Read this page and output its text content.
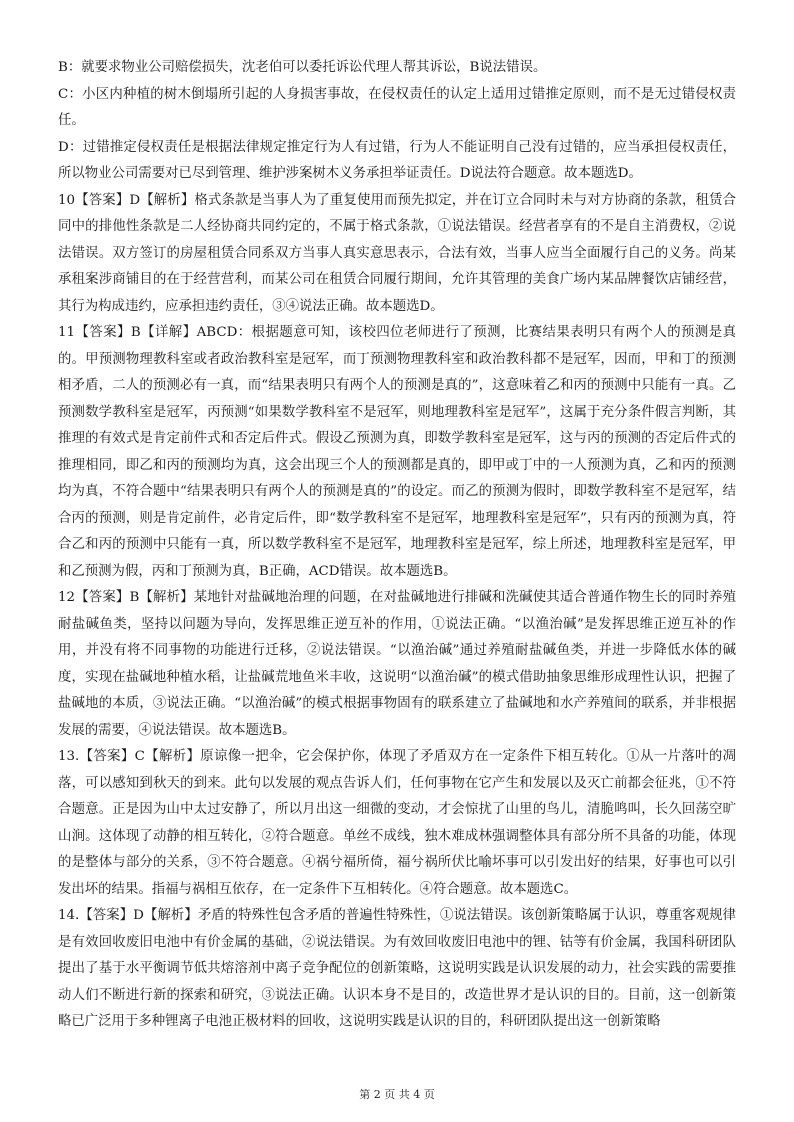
B：就要求物业公司赔偿损失，沈老伯可以委托诉讼代理人帮其诉讼，B说法错误。

C：小区内种植的树木倒塌所引起的人身损害事故，在侵权责任的认定上适用过错推定原则，而不是无过错侵权责任。

D：过错推定侵权责任是根据法律规定推定行为人有过错，行为人不能证明自己没有过错的，应当承担侵权责任，所以物业公司需要对已尽到管理、维护涉案树木义务承担举证责任。D说法符合题意。故本题选D。

10【答案】D【解析】格式条款是当事人为了重复使用而预先拟定，并在订立合同时未与对方协商的条款，租赁合同中的排他性条款是二人经协商共同约定的，不属于格式条款，①说法错误。经营者享有的不是自主消费权，②说法错误。双方签订的房屋租赁合同系双方当事人真实意思表示，合法有效，当事人应当全面履行自己的义务。尚某承租案涉商铺目的在于经营营利，而某公司在租赁合同履行期间，允许其管理的美食广场内某品牌餐饮店铺经营，其行为构成违约，应承担违约责任，③④说法正确。故本题选D。

11【答案】B【详解】ABCD：根据题意可知，该校四位老师进行了预测，比赛结果表明只有两个人的预测是真的。甲预测物理教科室或者政治教科室是冠军，而丁预测物理教科室和政治教科都不是冠军，因而，甲和丁的预测相矛盾，二人的预测必有一真，而“结果表明只有两个人的预测是真的”，这意味着乙和丙的预测中只能有一真。乙预测数学教科室是冠军，丙预测“如果数学教科室不是冠军，则地理教科室是冠军”，这属于充分条件假言判断，其推理的有效式是肯定前件式和否定后件式。假设乙预测为真，即数学教科室是冠军，这与丙的预测的否定后件式的推理相同，即乙和丙的预测均为真，这会出现三个人的预测都是真的，即甲或丁中的一人预测为真，乙和丙的预测均为真，不符合题中“结果表明只有两个人的预测是真的”的设定。而乙的预测为假时，即数学教科室不是冠军，结合丙的预测，则是肯定前件，必肯定后件，即“数学教科室不是冠军，地理教科室是冠军”，只有丙的预测为真，符合乙和丙的预测中只能有一真，所以数学教科室不是冠军，地理教科室是冠军，综上所述，地理教科室是冠军，甲和乙预测为假，丙和丁预测为真，B正确，ACD错误。故本题选B。

12【答案】B【解析】某地针对盐碱地治理的问题，在对盐碱地进行排碱和洗碱使其适合普通作物生长的同时养殖耐盐碱鱼类，坚持以问题为导向，发挥思维正逆互补的作用，①说法正确。“以渔治碱”是发挥思维正逆互补的作用，并没有将不同事物的功能进行迁移，②说法错误。“以渔治碱”通过养殖耐盐碱鱼类，并进一步降低水体的碱度，实现在盐碱地种植水稻，让盐碱荒地鱼米丰收，这说明“以渔治碱”的模式借助抽象思维形成理性认识，把握了盐碱地的本质，③说法正确。“以渔治碱”的模式根据事物固有的联系建立了盐碱地和水产养殖间的联系，并非根据发展的需要，④说法错误。故本题选B。

13.【答案】C【解析】原谅像一把伞，它会保护你，体现了矛盾双方在一定条件下相互转化。①从一片落叶的凋落，可以感知到秋天的到来。此句以发展的观点告诉人们，任何事物在它产生和发展以及灭亡前都会征兆，①不符合题意。正是因为山中太过安静了，所以月出这一细微的变动，才会惊扰了山里的鸟儿，清脆鸣叫，长久回荡空旷山涧。这体现了动静的相互转化，②符合题意。单丝不成线，独木难成林强调整体具有部分所不具备的功能，体现的是整体与部分的关系，③不符合题意。④祸兮福所倚，福兮祸所伏比喻坏事可以引发出好的结果，好事也可以引发出坏的结果。指福与祸相互依存，在一定条件下互相转化。④符合题意。故本题选C。

14.【答案】D【解析】矛盾的特殊性包含矛盾的普遍性特殊性，①说法错误。该创新策略属于认识，尊重客观规律是有效回收废旧电池中有价金属的基础，②说法错误。为有效回收废旧电池中的锂、钴等有价金属，我国科研团队提出了基于水平衡调节低共熔溶剂中离子竞争配位的创新策略，这说明实践是认识发展的动力，社会实践的需要推动人们不断进行新的探索和研究，③说法正确。认识本身不是目的，改造世界才是认识的目的。目前，这一创新策略已广泛用于多种锂离子电池正极材料的回收，这说明实践是认识的目的，科研团队提出这一创新策略

第 2 页 共 4 页
